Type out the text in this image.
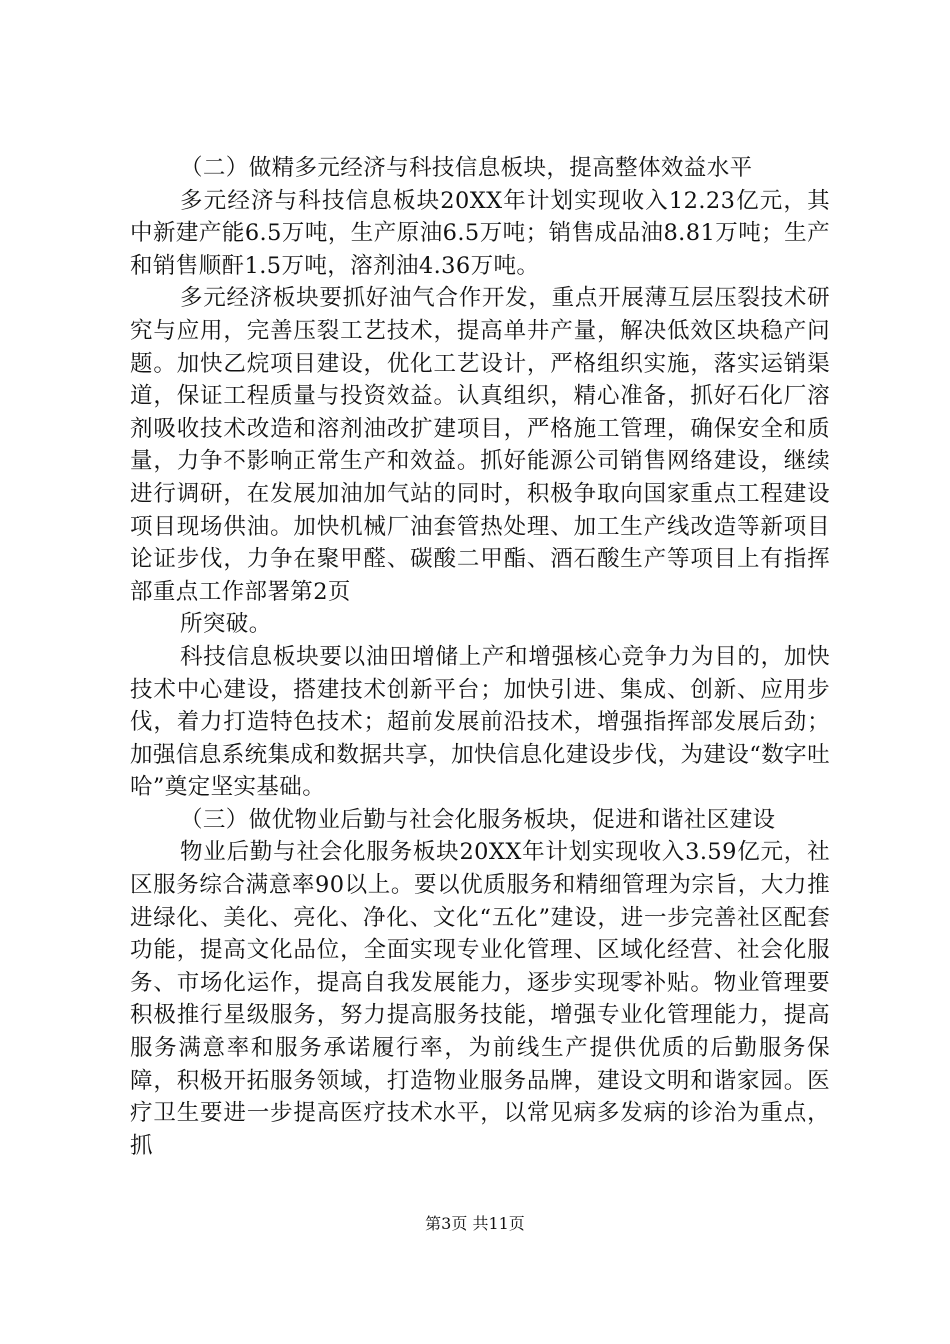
（二）做精多元经济与科技信息板块，提高整体效益水平

多元经济与科技信息板块20XX年计划实现收入12.23亿元，其中新建产能6.5万吨，生产原油6.5万吨；销售成品油8.81万吨；生产和销售顺酐1.5万吨，溶剂油4.36万吨。

多元经济板块要抓好油气合作开发，重点开展薄互层压裂技术研究与应用，完善压裂工艺技术，提高单井产量，解决低效区块稳产问题。加快乙烷项目建设，优化工艺设计，严格组织实施，落实运销渠道，保证工程质量与投资效益。认真组织，精心准备，抓好石化厂溶剂吸收技术改造和溶剂油改扩建项目，严格施工管理，确保安全和质量，力争不影响正常生产和效益。抓好能源公司销售网络建设，继续进行调研，在发展加油加气站的同时，积极争取向国家重点工程建设项目现场供油。加快机械厂油套管热处理、加工生产线改造等新项目论证步伐，力争在聚甲醛、碳酸二甲酯、酒石酸生产等项目上有指挥部重点工作部署第2页

所突破。

科技信息板块要以油田增储上产和增强核心竞争力为目的，加快技术中心建设，搭建技术创新平台；加快引进、集成、创新、应用步伐，着力打造特色技术；超前发展前沿技术，增强指挥部发展后劲；加强信息系统集成和数据共享，加快信息化建设步伐，为建设“数字吐哈”奠定坚实基础。

（三）做优物业后勤与社会化服务板块，促进和谐社区建设

物业后勤与社会化服务板块20XX年计划实现收入3.59亿元，社区服务综合满意率90以上。要以优质服务和精细管理为宗旨，大力推进绿化、美化、亮化、净化、文化“五化”建设，进一步完善社区配套功能，提高文化品位，全面实现专业化管理、区域化经营、社会化服务、市场化运作，提高自我发展能力，逐步实现零补贴。物业管理要积极推行星级服务，努力提高服务技能，增强专业化管理能力，提高服务满意率和服务承诺履行率，为前线生产提供优质的后勤服务保障，积极开拓服务领域，打造物业服务品牌，建设文明和谐家园。医疗卫生要进一步提高医疗技术水平，以常见病多发病的诊治为重点，抓

第3页 共11页
